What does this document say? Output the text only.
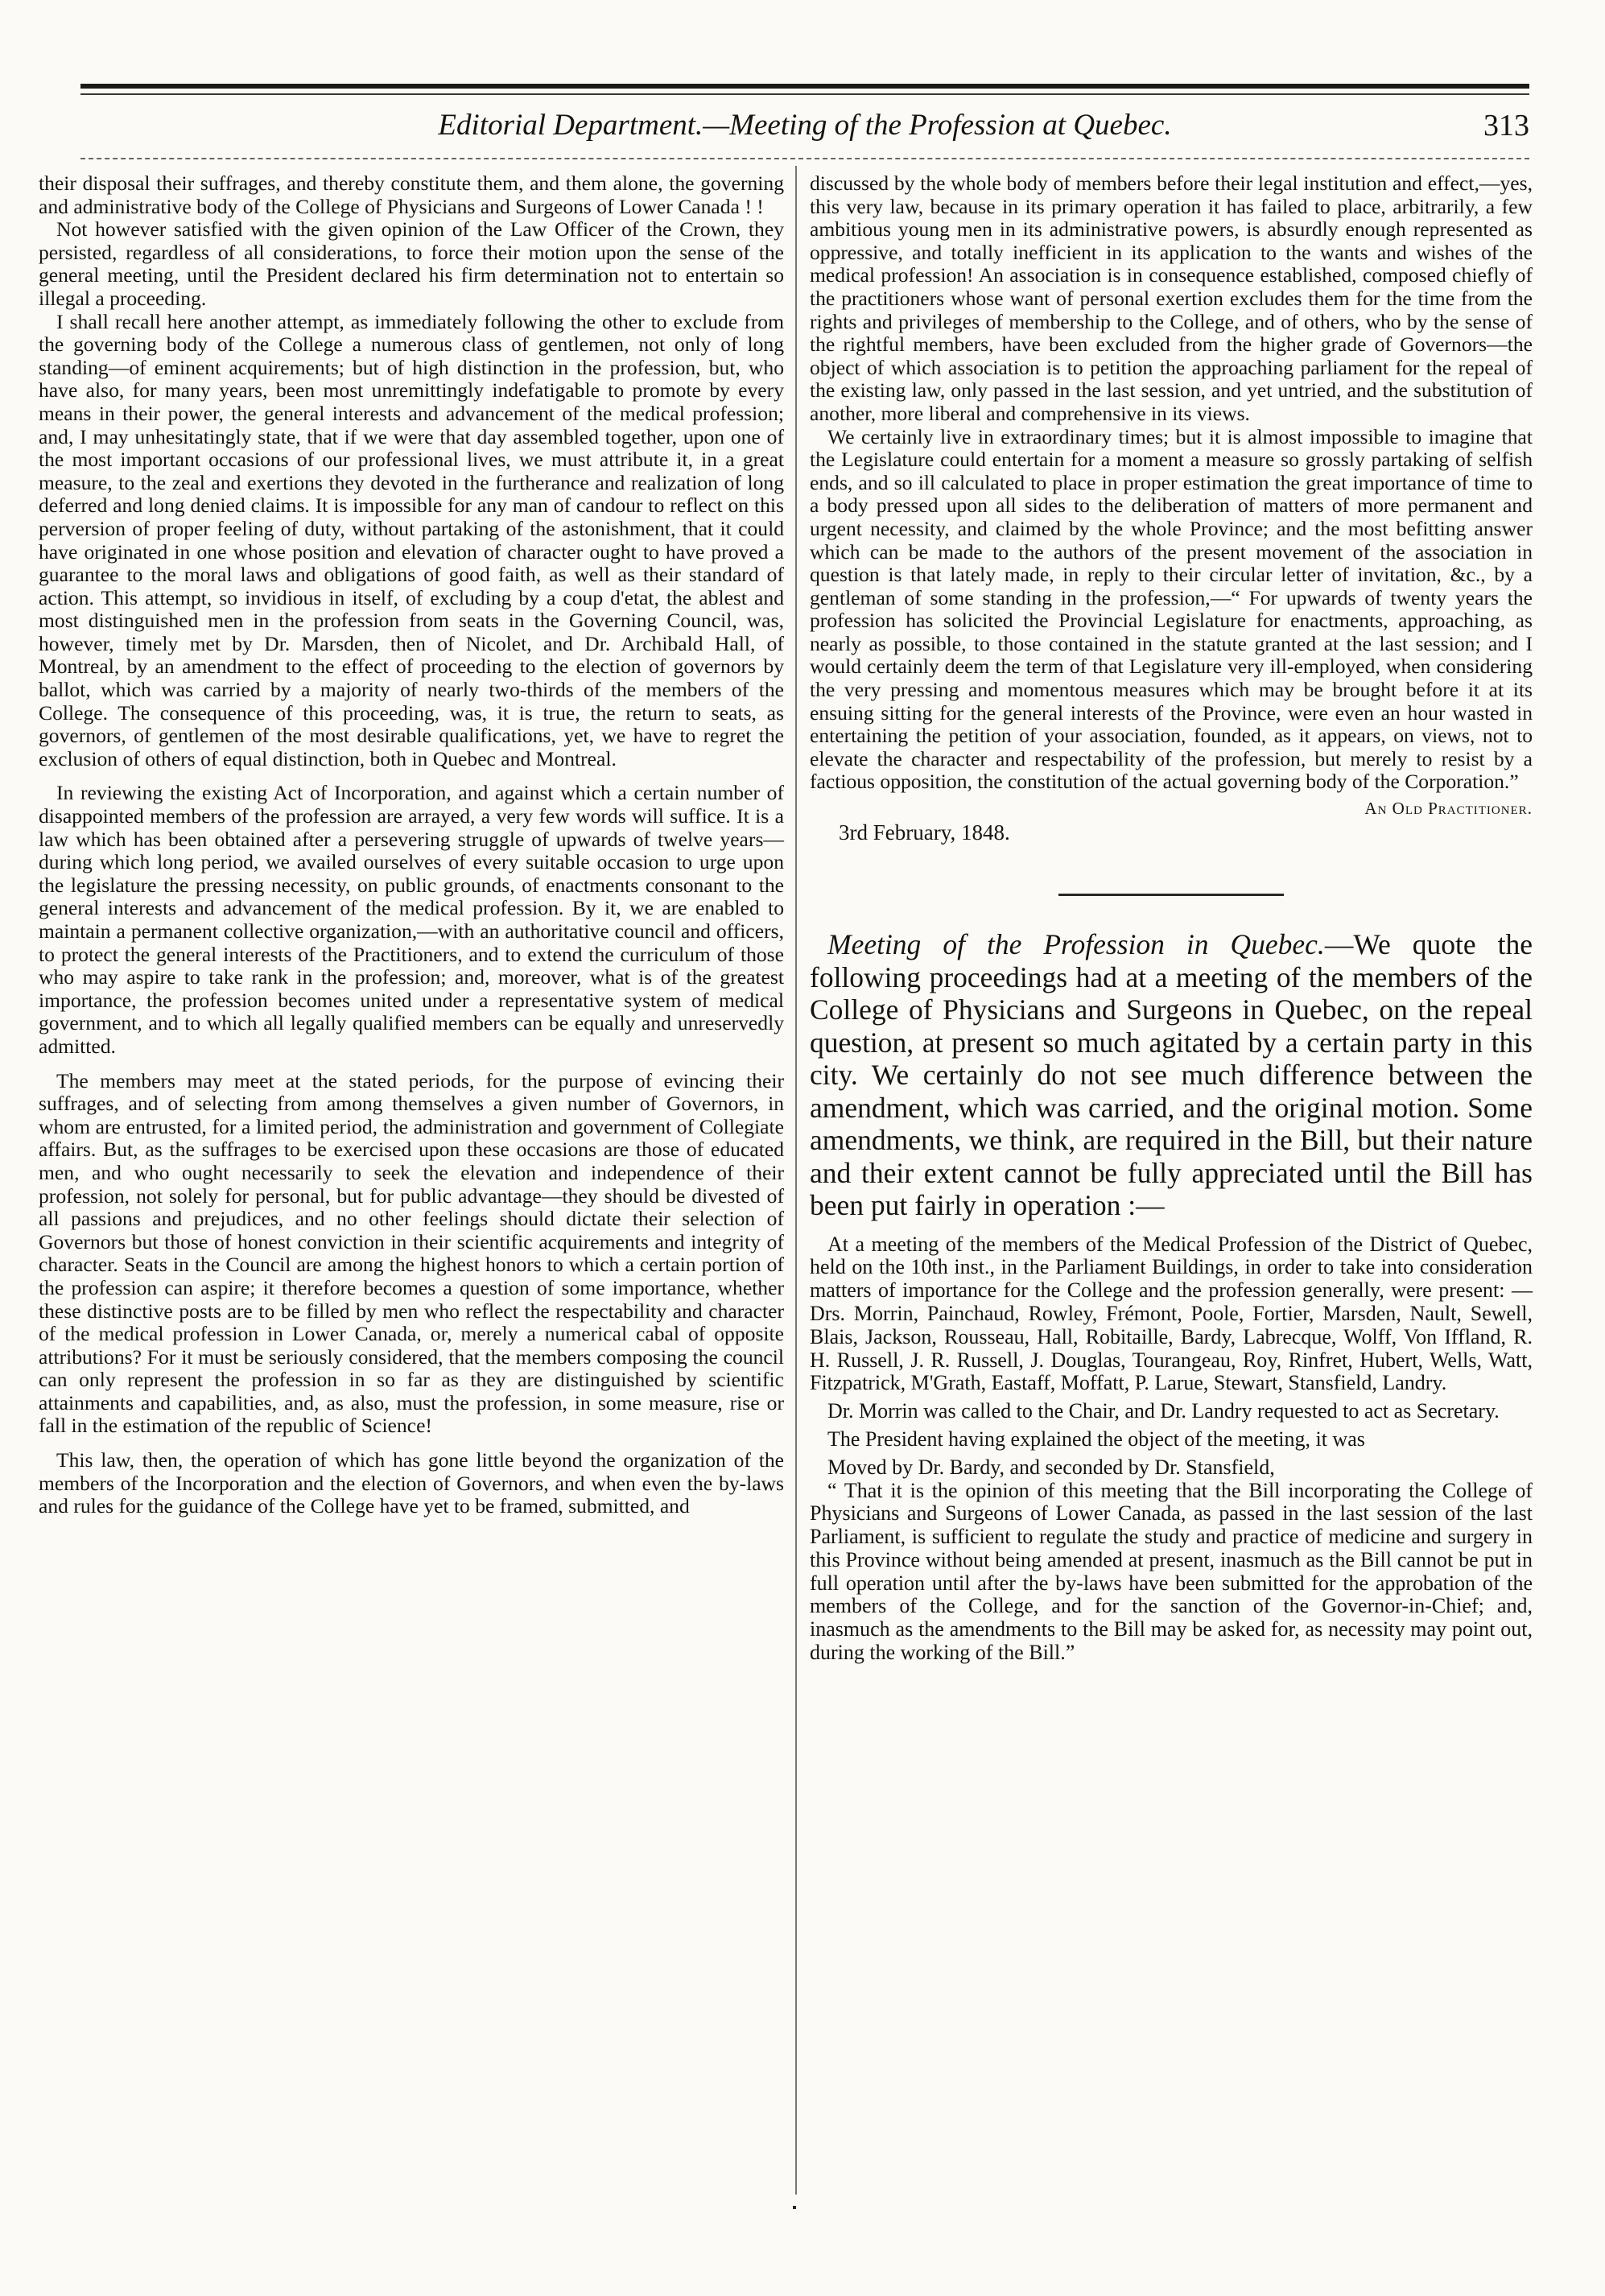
Editorial Department.—Meeting of the Profession at Quebec.	313

their disposal their suffrages, and thereby constitute them, and them alone, the governing and administrative body of the College of Physicians and Surgeons of Lower Canada ! !

Not however satisfied with the given opinion of the Law Officer of the Crown, they persisted, regardless of all considerations, to force their motion upon the sense of the general meeting, until the President declared his firm determination not to entertain so illegal a proceeding.

I shall recall here another attempt, as immediately following the other to exclude from the governing body of the College a numerous class of gentlemen, not only of long standing—of eminent acquirements; but of high distinction in the profession, but, who have also, for many years, been most unremittingly indefatigable to promote by every means in their power, the general interests and advancement of the medical profession; and, I may unhesitatingly state, that if we were that day assembled together, upon one of the most important occasions of our professional lives, we must attribute it, in a great measure, to the zeal and exertions they devoted in the furtherance and realization of long deferred and long denied claims. It is impossible for any man of candour to reflect on this perversion of proper feeling of duty, without partaking of the astonishment, that it could have originated in one whose position and elevation of character ought to have proved a guarantee to the moral laws and obligations of good faith, as well as their standard of action. This attempt, so invidious in itself, of excluding by a coup d'etat, the ablest and most distinguished men in the profession from seats in the Governing Council, was, however, timely met by Dr. Marsden, then of Nicolet, and Dr. Archibald Hall, of Montreal, by an amendment to the effect of proceeding to the election of governors by ballot, which was carried by a majority of nearly two-thirds of the members of the College. The consequence of this proceeding, was, it is true, the return to seats, as governors, of gentlemen of the most desirable qualifications, yet, we have to regret the exclusion of others of equal distinction, both in Quebec and Montreal.

In reviewing the existing Act of Incorporation, and against which a certain number of disappointed members of the profession are arrayed, a very few words will suffice. It is a law which has been obtained after a persevering struggle of upwards of twelve years—during which long period, we availed ourselves of every suitable occasion to urge upon the legislature the pressing necessity, on public grounds, of enactments consonant to the general interests and advancement of the medical profession. By it, we are enabled to maintain a permanent collective organization,—with an authoritative council and officers, to protect the general interests of the Practitioners, and to extend the curriculum of those who may aspire to take rank in the profession; and, moreover, what is of the greatest importance, the profession becomes united under a representative system of medical government, and to which all legally qualified members can be equally and unreservedly admitted.

The members may meet at the stated periods, for the purpose of evincing their suffrages, and of selecting from among themselves a given number of Governors, in whom are entrusted, for a limited period, the administration and government of Collegiate affairs. But, as the suffrages to be exercised upon these occasions are those of educated men, and who ought necessarily to seek the elevation and independence of their profession, not solely for personal, but for public advantage—they should be divested of all passions and prejudices, and no other feelings should dictate their selection of Governors but those of honest conviction in their scientific acquirements and integrity of character. Seats in the Council are among the highest honors to which a certain portion of the profession can aspire; it therefore becomes a question of some importance, whether these distinctive posts are to be filled by men who reflect the respectability and character of the medical profession in Lower Canada, or, merely a numerical cabal of opposite attributions? For it must be seriously considered, that the members composing the council can only represent the profession in so far as they are distinguished by scientific attainments and capabilities, and, as also, must the profession, in some measure, rise or fall in the estimation of the republic of Science!

This law, then, the operation of which has gone little beyond the organization of the members of the Incorporation and the election of Governors, and when even the by-laws and rules for the guidance of the College have yet to be framed, submitted, and

discussed by the whole body of members before their legal institution and effect,—yes, this very law, because in its primary operation it has failed to place, arbitrarily, a few ambitious young men in its administrative powers, is absurdly enough represented as oppressive, and totally inefficient in its application to the wants and wishes of the medical profession! An association is in consequence established, composed chiefly of the practitioners whose want of personal exertion excludes them for the time from the rights and privileges of membership to the College, and of others, who by the sense of the rightful members, have been excluded from the higher grade of Governors—the object of which association is to petition the approaching parliament for the repeal of the existing law, only passed in the last session, and yet untried, and the substitution of another, more liberal and comprehensive in its views.

We certainly live in extraordinary times; but it is almost impossible to imagine that the Legislature could entertain for a moment a measure so grossly partaking of selfish ends, and so ill calculated to place in proper estimation the great importance of time to a body pressed upon all sides to the deliberation of matters of more permanent and urgent necessity, and claimed by the whole Province; and the most befitting answer which can be made to the authors of the present movement of the association in question is that lately made, in reply to their circular letter of invitation, &c., by a gentleman of some standing in the profession,—“ For upwards of twenty years the profession has solicited the Provincial Legislature for enactments, approaching, as nearly as possible, to those contained in the statute granted at the last session; and I would certainly deem the term of that Legislature very ill-employed, when considering the very pressing and momentous measures which may be brought before it at its ensuing sitting for the general interests of the Province, were even an hour wasted in entertaining the petition of your association, founded, as it appears, on views, not to elevate the character and respectability of the profession, but merely to resist by a factious opposition, the constitution of the actual governing body of the Corporation.”

An Old Practitioner.
3rd February, 1848.

Meeting of the Profession in Quebec.—We quote the following proceedings had at a meeting of the members of the College of Physicians and Surgeons in Quebec, on the repeal question, at present so much agitated by a certain party in this city. We certainly do not see much difference between the amendment, which was carried, and the original motion. Some amendments, we think, are required in the Bill, but their nature and their extent cannot be fully appreciated until the Bill has been put fairly in operation :—

At a meeting of the members of the Medical Profession of the District of Quebec, held on the 10th inst., in the Parliament Buildings, in order to take into consideration matters of importance for the College and the profession generally, were present: —Drs. Morrin, Painchaud, Rowley, Frémont, Poole, Fortier, Marsden, Nault, Sewell, Blais, Jackson, Rousseau, Hall, Robitaille, Bardy, Labrecque, Wolff, Von Iffland, R. H. Russell, J. R. Russell, J. Douglas, Tourangeau, Roy, Rinfret, Hubert, Wells, Watt, Fitzpatrick, M'Grath, Eastaff, Moffatt, P. Larue, Stewart, Stansfield, Landry.

Dr. Morrin was called to the Chair, and Dr. Landry requested to act as Secretary.

The President having explained the object of the meeting, it was

Moved by Dr. Bardy, and seconded by Dr. Stansfield,

“ That it is the opinion of this meeting that the Bill incorporating the College of Physicians and Surgeons of Lower Canada, as passed in the last session of the last Parliament, is sufficient to regulate the study and practice of medicine and surgery in this Province without being amended at present, inasmuch as the Bill cannot be put in full operation until after the by-laws have been submitted for the approbation of the members of the College, and for the sanction of the Governor-in-Chief; and, inasmuch as the amendments to the Bill may be asked for, as necessity may point out, during the working of the Bill.”
